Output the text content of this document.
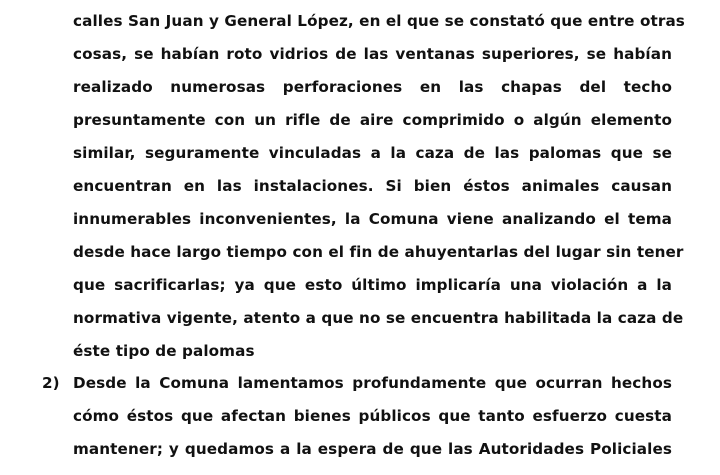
calles San Juan y General López, en el que se constató que entre otras
cosas, se habían roto vidrios de las ventanas superiores, se habían
realizado numerosas perforaciones en las chapas del techo
presuntamente con un rifle de aire comprimido o algún elemento
similar, seguramente vinculadas a la caza de las palomas que se
encuentran en las instalaciones. Si bien éstos animales causan
innumerables inconvenientes, la Comuna viene analizando el tema
desde hace largo tiempo con el fin de ahuyentarlas del lugar sin tener
que sacrificarlas; ya que esto último implicaría una violación a la
normativa vigente, atento a que no se encuentra habilitada la caza de
éste tipo de palomas
2) Desde la Comuna lamentamos profundamente que ocurran hechos
cómo éstos que afectan bienes públicos que tanto esfuerzo cuesta
mantener; y quedamos a la espera de que las Autoridades Policiales
